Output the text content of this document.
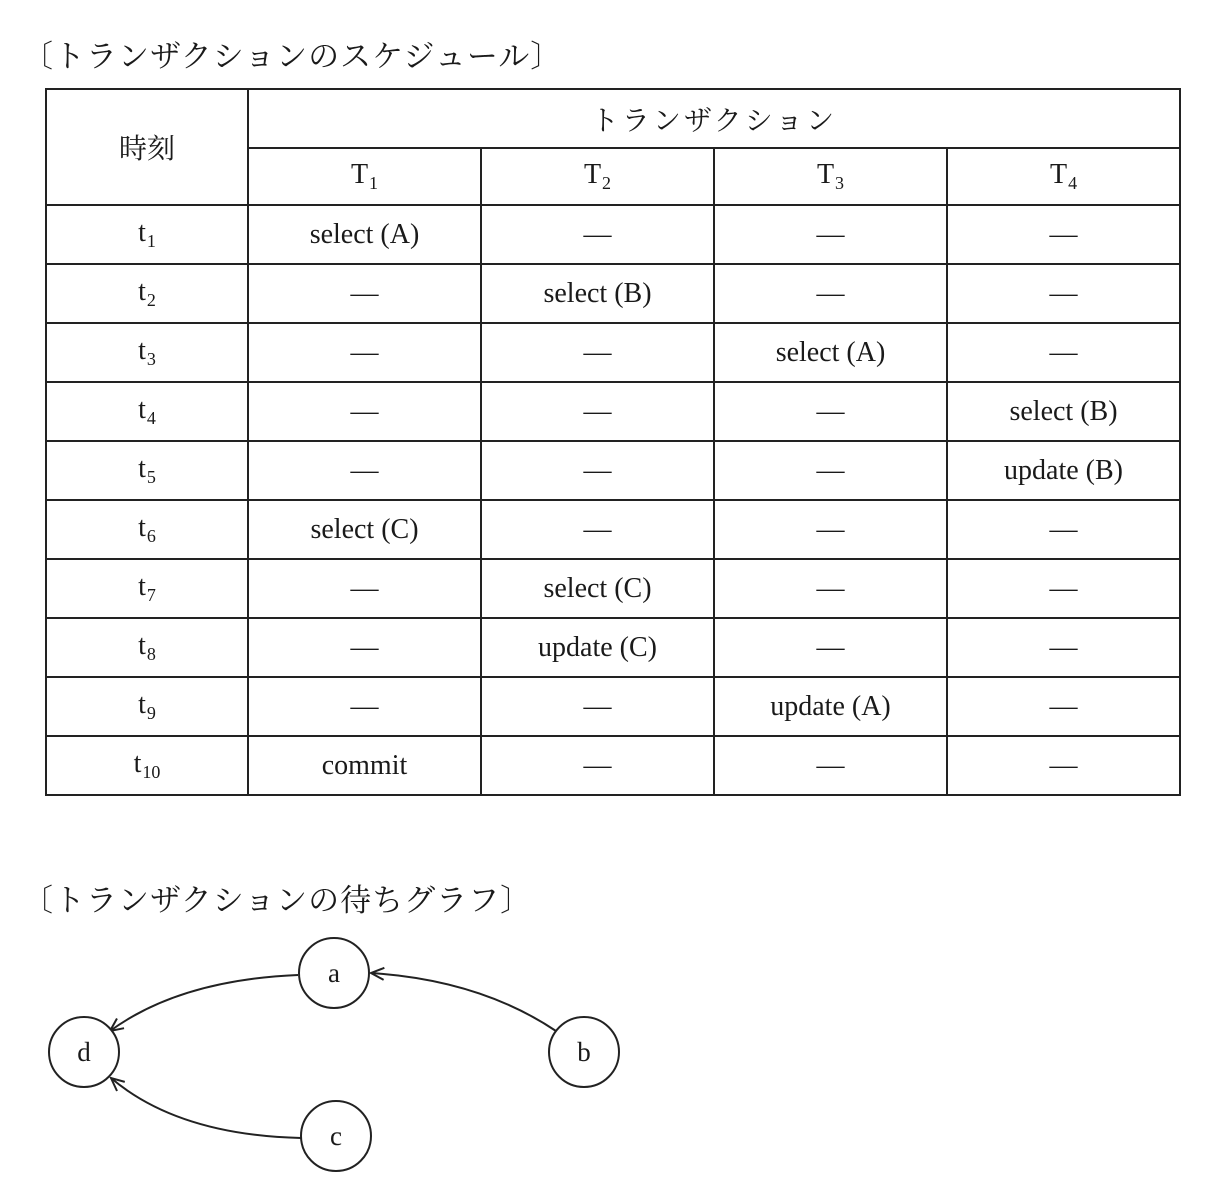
〔トランザクションのスケジュール〕
時刻	トランザクション			
	$T_1$	$T_2$	$T_3$	$T_4$
$t_1$	select (A)	—	—	—
$t_2$	—	select (B)	—	—
$t_3$	—	—	select (A)	—
$t_4$	—	—	—	select (B)
$t_5$	—	—	—	update (B)
$t_6$	select (C)	—	—	—
$t_7$	—	select (C)	—	—
$t_8$	—	update (C)	—	—
$t_9$	—	—	update (A)	—
$t_{10}$	commit	—	—	—
〔トランザクションの待ちグラフ〕
a
b
c
d
